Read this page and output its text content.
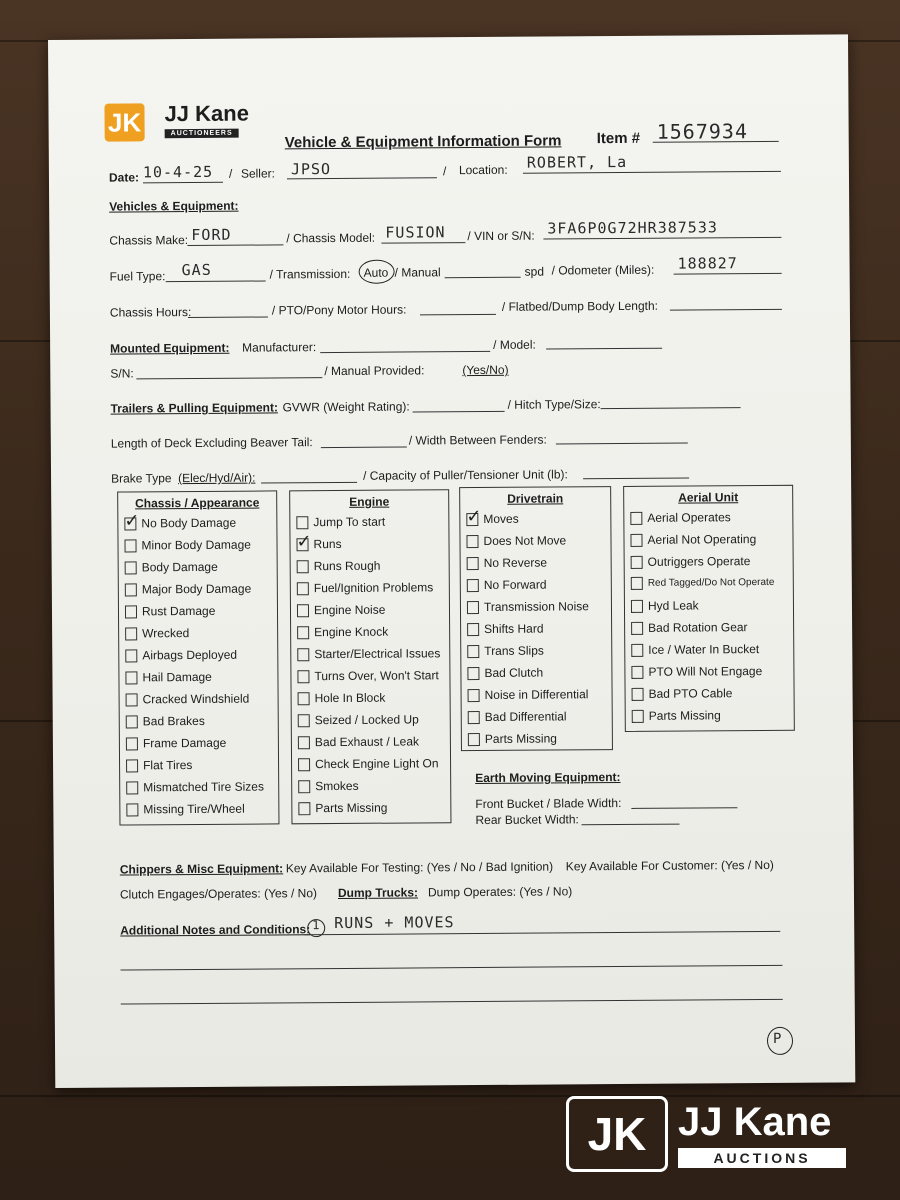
JK JJ Kane
AUCTIONEERS	Vehicle & Equipment Information Form Item # 1567934
Date: 10-4-25 / Seller: JPSO	/ Location: ROBERT, La
Vehicles & Equipment:
Chassis Make: FORD	/ Chassis Model: FUSION / VIN or S/N: 3FA6P0G72HR387533
Fuel Type: GAS	/ Transmission: Auto / Manual	spd / Odometer (Miles): 188827
Chassis Hours:	/ PTO/Pony Motor Hours:	/ Flatbed/Dump Body Length:
Mounted Equipment: Manufacturer:	/ Model:
S/N:	/ Manual Provided:	(Yes/No)
Trailers & Pulling Equipment: GVWR (Weight Rating):	/ Hitch Type/Size:
Length of Deck Excluding Beaver Tail:	/ Width Between Fenders:
Brake Type (Elec/Hyd/Air):	/ Capacity of Puller/Tensioner Unit (lb):
Chassis / Appearance
✓
No Body Damage
Minor Body Damage
Body Damage
Major Body Damage
Rust Damage
Wrecked
Airbags Deployed
Hail Damage
Cracked Windshield
Bad Brakes
Frame Damage
Flat Tires
Mismatched Tire Sizes
Missing Tire/Wheel
Engine
Jump To start
✓
Runs
Runs Rough
Fuel/Ignition Problems
Engine Noise
Engine Knock
Starter/Electrical Issues
Turns Over, Won't Start
Hole In Block
Seized / Locked Up
Bad Exhaust / Leak
Check Engine Light On
Smokes
Parts Missing
Drivetrain
✓
Moves
Does Not Move
No Reverse
No Forward
Transmission Noise
Shifts Hard
Trans Slips
Bad Clutch
Noise in Differential
Bad Differential
Parts Missing
Aerial Unit
Aerial Operates
Aerial Not Operating
Outriggers Operate
Red Tagged/Do Not Operate
Hyd Leak
Bad Rotation Gear
Ice / Water In Bucket
PTO Will Not Engage
Bad PTO Cable
Parts Missing
Earth Moving Equipment:
Front Bucket / Blade Width:
Rear Bucket Width:
Chippers & Misc Equipment: Key Available For Testing: (Yes / No / Bad Ignition) Key Available For Customer: (Yes / No)
Clutch Engages/Operates: (Yes / No) Dump Trucks: Dump Operates: (Yes / No)
Additional Notes and Conditions: 1 RUNS + MOVES
P
JK JJ Kane
AUCTIONS
